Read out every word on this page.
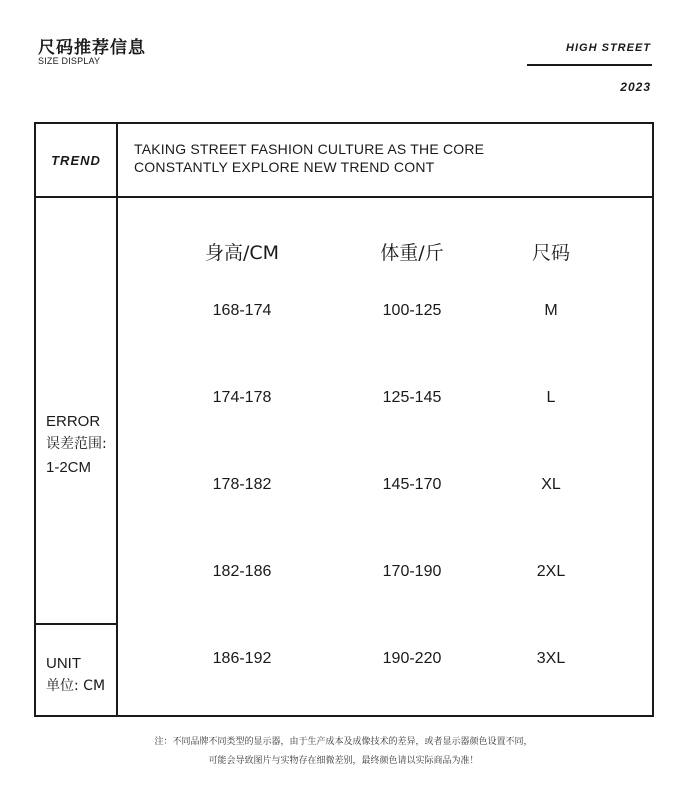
尺码推荐信息
SIZE DISPLAY
HIGH STREET
2023
TREND
TAKING STREET FASHION CULTURE AS THE CORE
CONSTANTLY EXPLORE NEW TREND CONT
ERROR
误差范围:
1-2CM
UNIT
单位: CM
身高/CM	体重/斤	尺码
168-174	100-125	M
174-178	125-145	L
178-182	145-170	XL
182-186	170-190	2XL
186-192	190-220	3XL
注：不同品牌不同类型的显示器，由于生产成本及成像技术的差异，或者显示器颜色设置不同，
可能会导致图片与实物存在细微差别，最终颜色请以实际商品为准！
